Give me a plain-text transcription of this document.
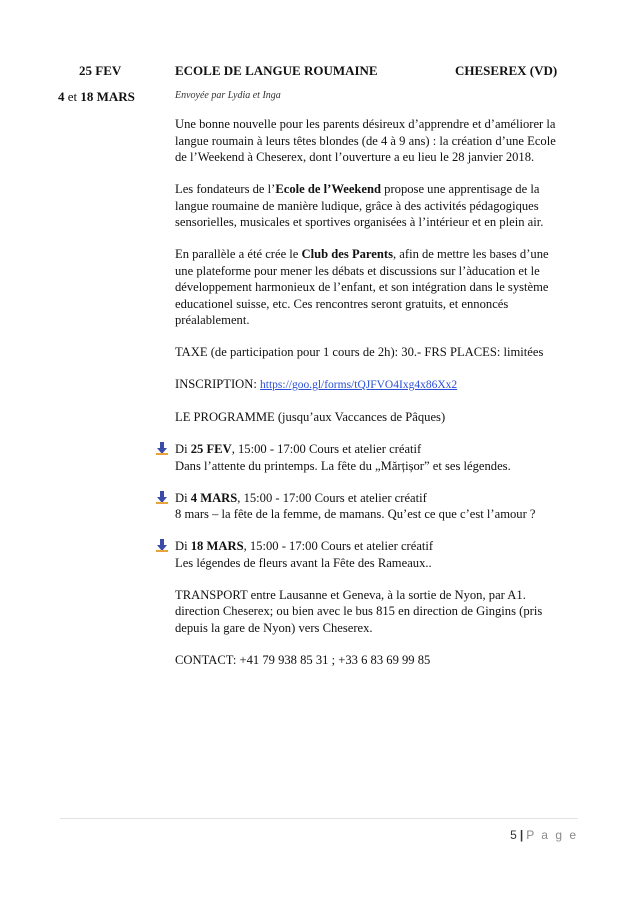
25 FEV	ECOLE DE LANGUE ROUMAINE	CHESEREX (VD)
4 et 18 MARS	Envoyée par Lydia et Inga

Une bonne nouvelle pour les parents désireux d’apprendre et d’améliorer la
langue roumain à leurs têtes blondes (de 4 à 9 ans) : la création d’une Ecole
de l’Weekend à Cheserex, dont l’ouverture a eu lieu le 28 janvier 2018.

Les fondateurs de l’Ecole de l’Weekend propose une apprentisage de la
langue roumaine de manière ludique, grâce à des activités pédagogiques
sensorielles, musicales et sportives organisées à l’intérieur et en plein air.

En parallèle a été crée le Club des Parents, afin de mettre les bases d’une
une plateforme pour mener les débats et discussions sur l’àducation et le
développement harmonieux de l’enfant, et son intégration dans le système
educationel suisse, etc. Ces rencontres seront gratuits, et ennoncés
préalablement.

TAXE (de participation pour 1 cours de 2h): 30.- FRS PLACES: limitées

INSCRIPTION: https://goo.gl/forms/tQJFVO4Ixg4x86Xx2

LE PROGRAMME (jusqu’aux Vaccances de Pâques)

Di 25 FEV, 15:00 - 17:00 Cours et atelier créatif
Dans l’attente du printemps. La fête du „Mărțișor” et ses légendes.

Di 4 MARS, 15:00 - 17:00 Cours et atelier créatif
8 mars – la fête de la femme, de mamans. Qu’est ce que c’est l’amour ?

Di 18 MARS, 15:00 - 17:00 Cours et atelier créatif
Les légendes de fleurs avant la Fête des Rameaux..

TRANSPORT entre Lausanne et Geneva, à la sortie de Nyon, par A1.
direction Cheserex; ou bien avec le bus 815 en direction de Gingins (pris
depuis la gare de Nyon) vers Cheserex.

CONTACT: +41 79 938 85 31 ; +33 6 83 69 99 85

5 | P a g e
